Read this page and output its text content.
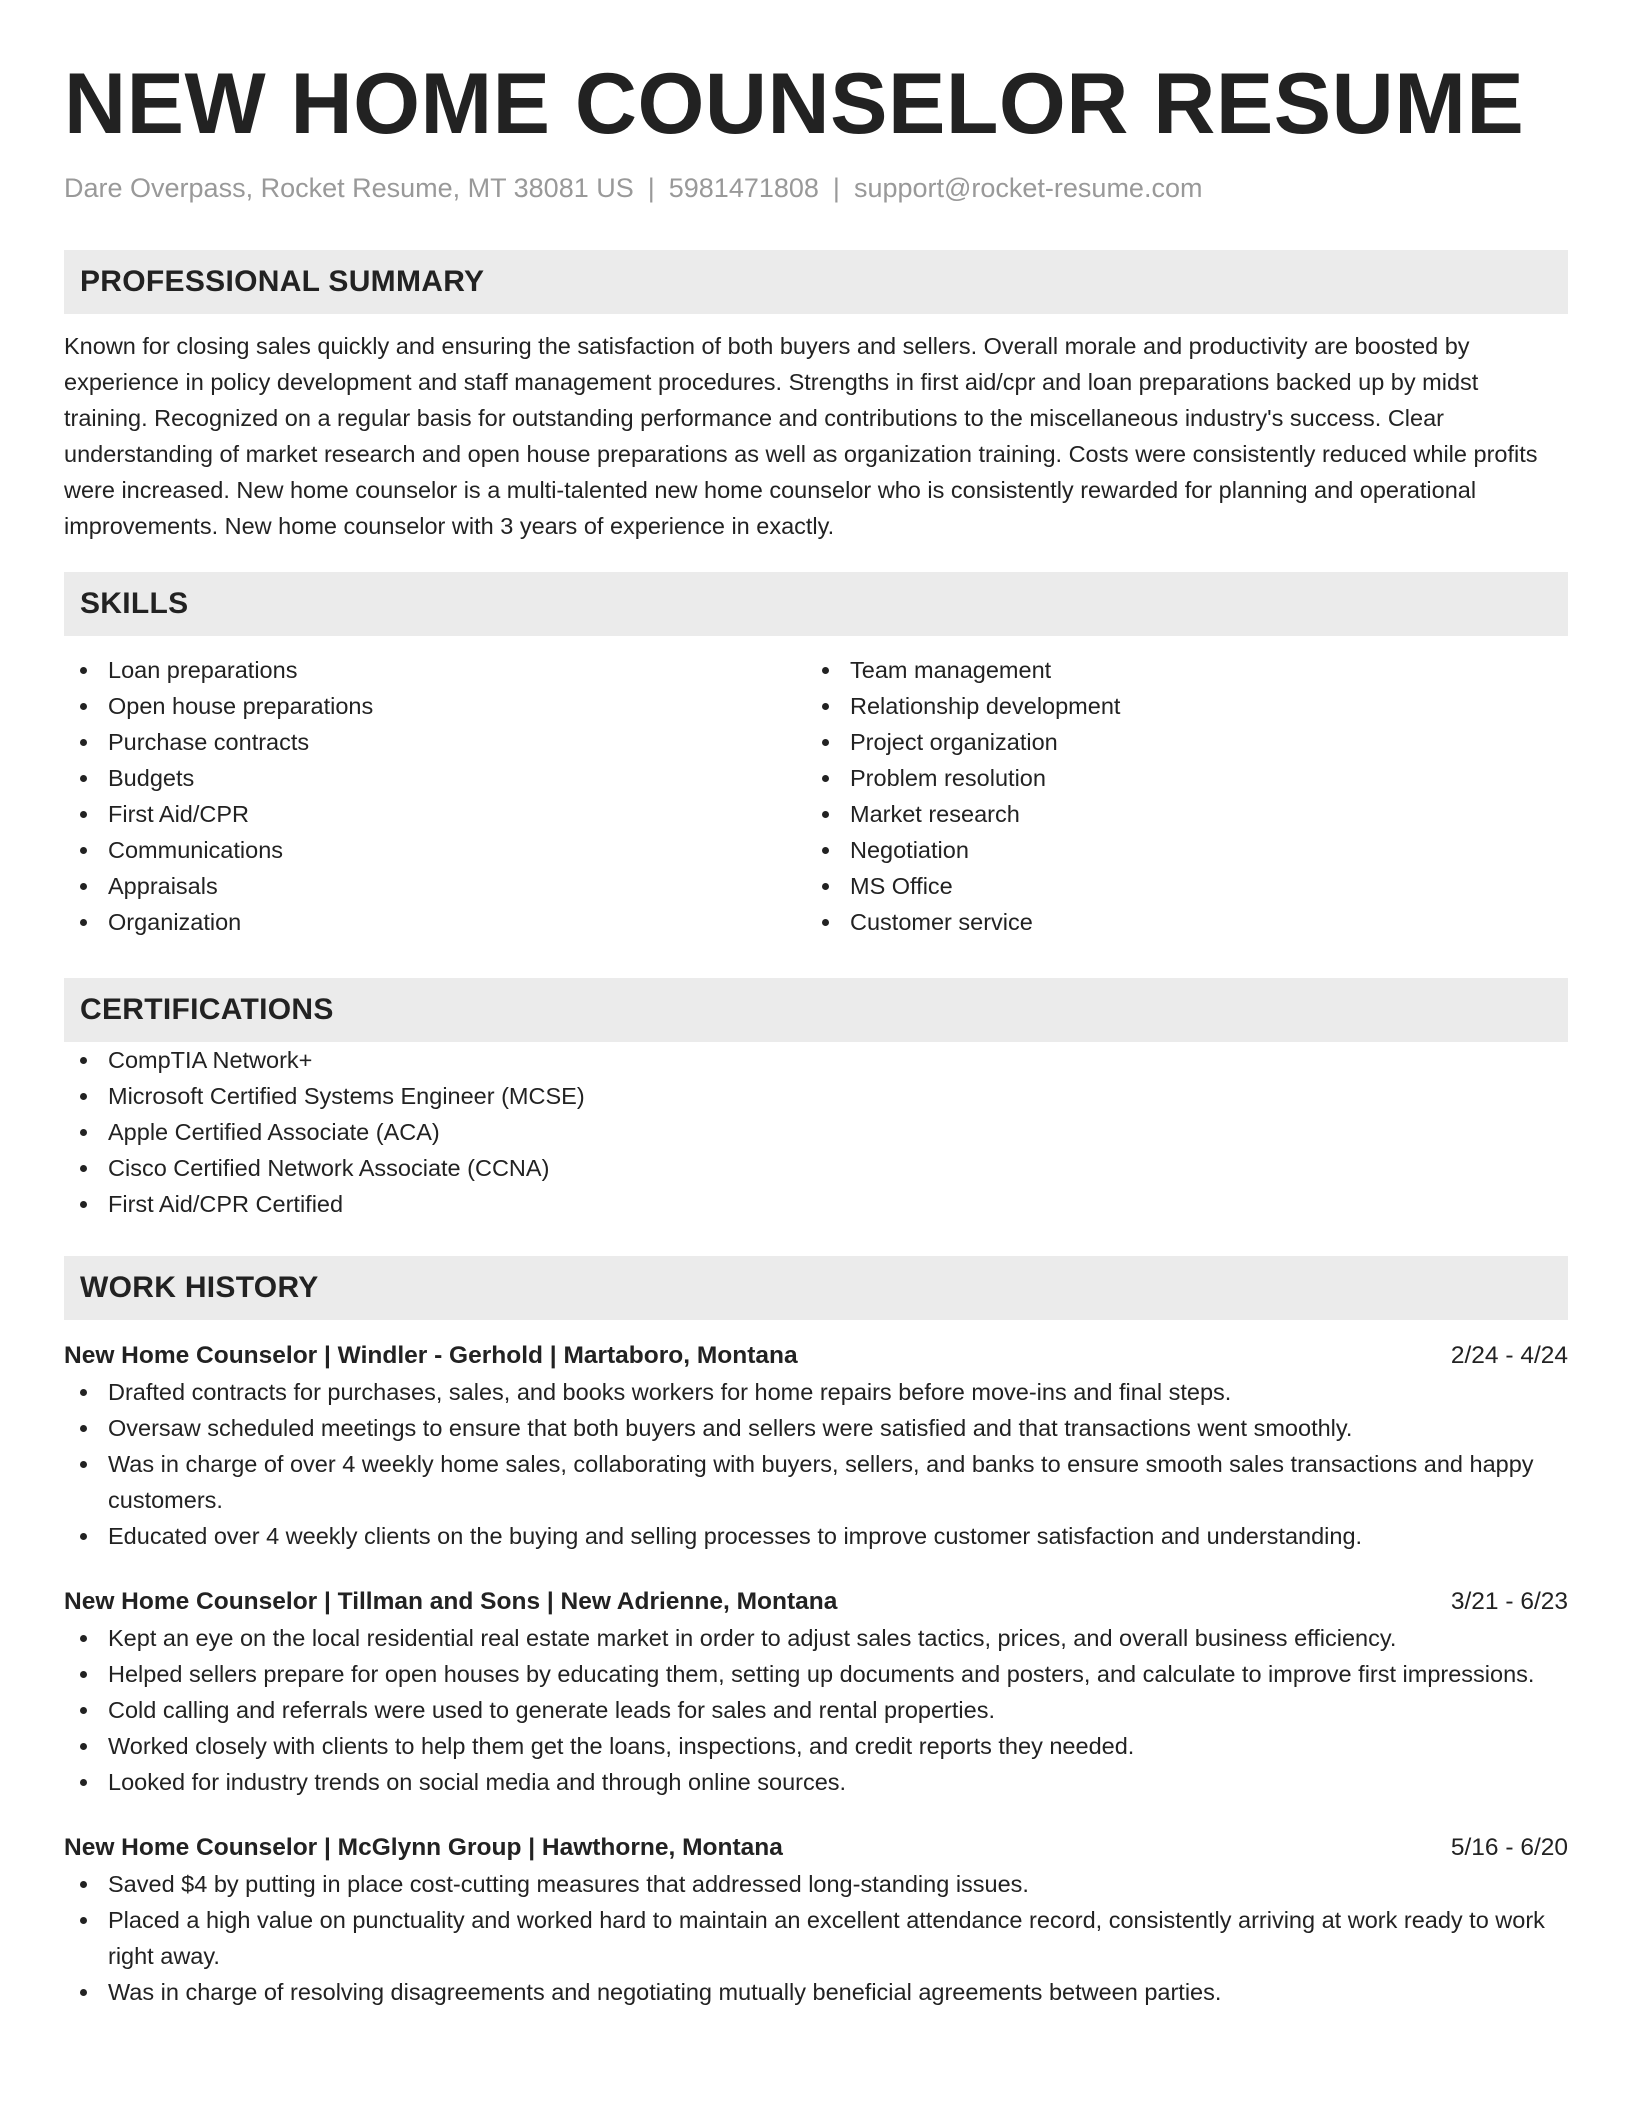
NEW HOME COUNSELOR RESUME
Dare Overpass, Rocket Resume, MT 38081 US | 5981471808 | support@rocket-resume.com
PROFESSIONAL SUMMARY

Known for closing sales quickly and ensuring the satisfaction of both buyers and sellers. Overall morale and productivity are boosted by experience in policy development and staff management procedures. Strengths in first aid/cpr and loan preparations backed up by midst training. Recognized on a regular basis for outstanding performance and contributions to the miscellaneous industry's success. Clear understanding of market research and open house preparations as well as organization training. Costs were consistently reduced while profits were increased. New home counselor is a multi-talented new home counselor who is consistently rewarded for planning and operational improvements. New home counselor with 3 years of experience in exactly.

SKILLS
Loan preparations
Open house preparations
Purchase contracts
Budgets
First Aid/CPR
Communications
Appraisals
Organization
Team management
Relationship development
Project organization
Problem resolution
Market research
Negotiation
MS Office
Customer service
CERTIFICATIONS
CompTIA Network+
Microsoft Certified Systems Engineer (MCSE)
Apple Certified Associate (ACA)
Cisco Certified Network Associate (CCNA)
First Aid/CPR Certified
WORK HISTORY
New Home Counselor | Windler - Gerhold | Martaboro, Montana	2/24 - 4/24
Drafted contracts for purchases, sales, and books workers for home repairs before move-ins and final steps.
Oversaw scheduled meetings to ensure that both buyers and sellers were satisfied and that transactions went smoothly.
Was in charge of over 4 weekly home sales, collaborating with buyers, sellers, and banks to ensure smooth sales transactions and happy customers.
Educated over 4 weekly clients on the buying and selling processes to improve customer satisfaction and understanding.
New Home Counselor | Tillman and Sons | New Adrienne, Montana	3/21 - 6/23
Kept an eye on the local residential real estate market in order to adjust sales tactics, prices, and overall business efficiency.
Helped sellers prepare for open houses by educating them, setting up documents and posters, and calculate to improve first impressions.
Cold calling and referrals were used to generate leads for sales and rental properties.
Worked closely with clients to help them get the loans, inspections, and credit reports they needed.
Looked for industry trends on social media and through online sources.
New Home Counselor | McGlynn Group | Hawthorne, Montana	5/16 - 6/20
Saved $4 by putting in place cost-cutting measures that addressed long-standing issues.
Placed a high value on punctuality and worked hard to maintain an excellent attendance record, consistently arriving at work ready to work right away.
Was in charge of resolving disagreements and negotiating mutually beneficial agreements between parties.
